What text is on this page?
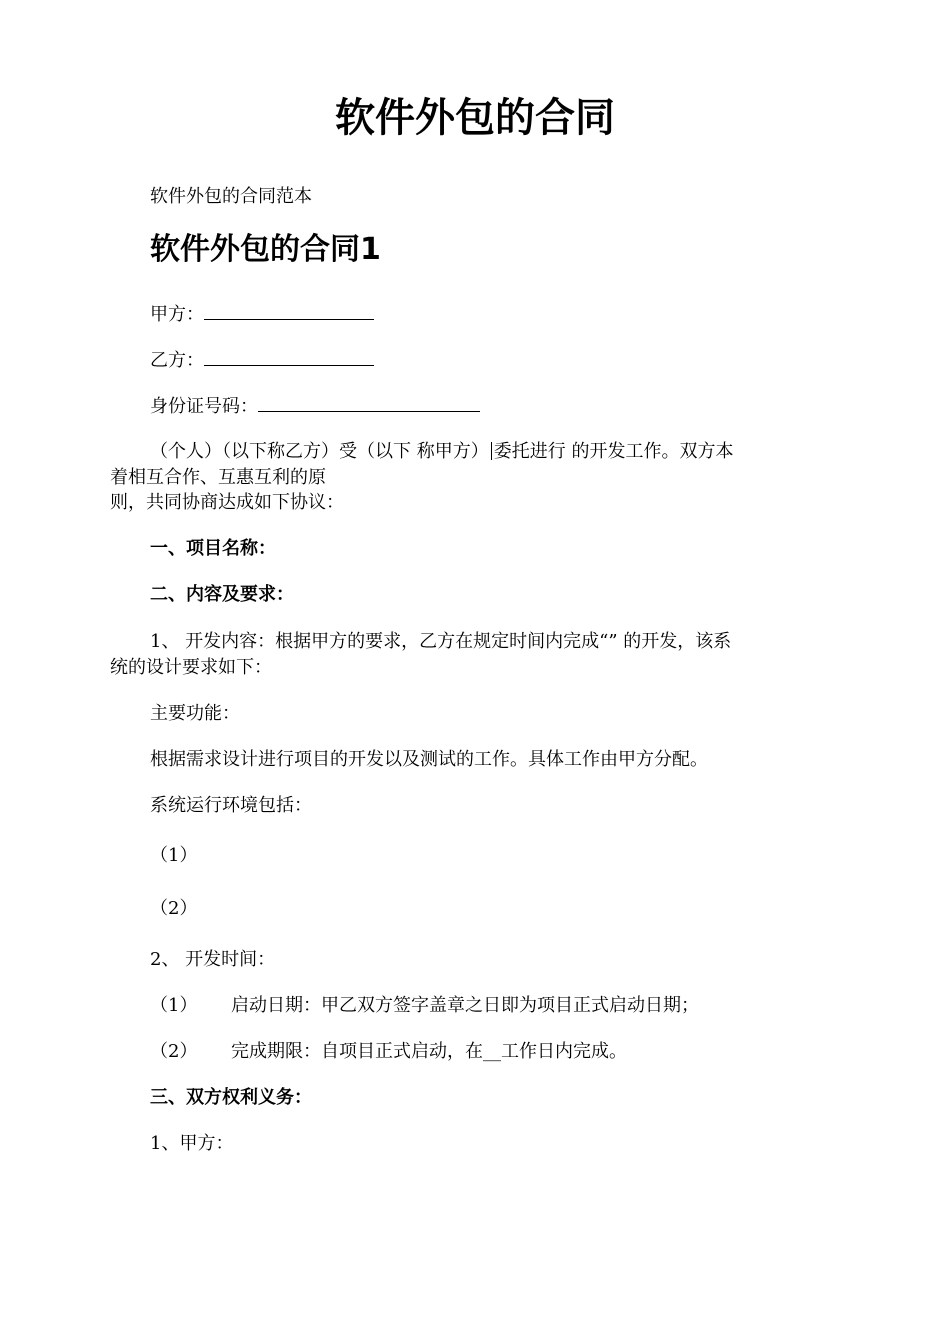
软件外包的合同
软件外包的合同范本
软件外包的合同1
甲方：
乙方：
身份证号码：
（个人）（以下称乙方）受（以下 称甲方） 委托进行 的开发工作。双方本
着相互合作、互惠互利的原
则，共同协商达成如下协议：
一、项目名称：
二、内容及要求：
1、 开发内容：根据甲方的要求，乙方在规定时间内完成“” 的开发，该系
统的设计要求如下：
主要功能：
根据需求设计进行项目的开发以及测试的工作。具体工作由甲方分配。
系统运行环境包括：
（1）
（2）
2、 开发时间：
（1） 启动日期：甲乙双方签字盖章之日即为项目正式启动日期；
（2） 完成期限：自项目正式启动，在__工作日内完成。
三、双方权利义务：
1、甲方：
